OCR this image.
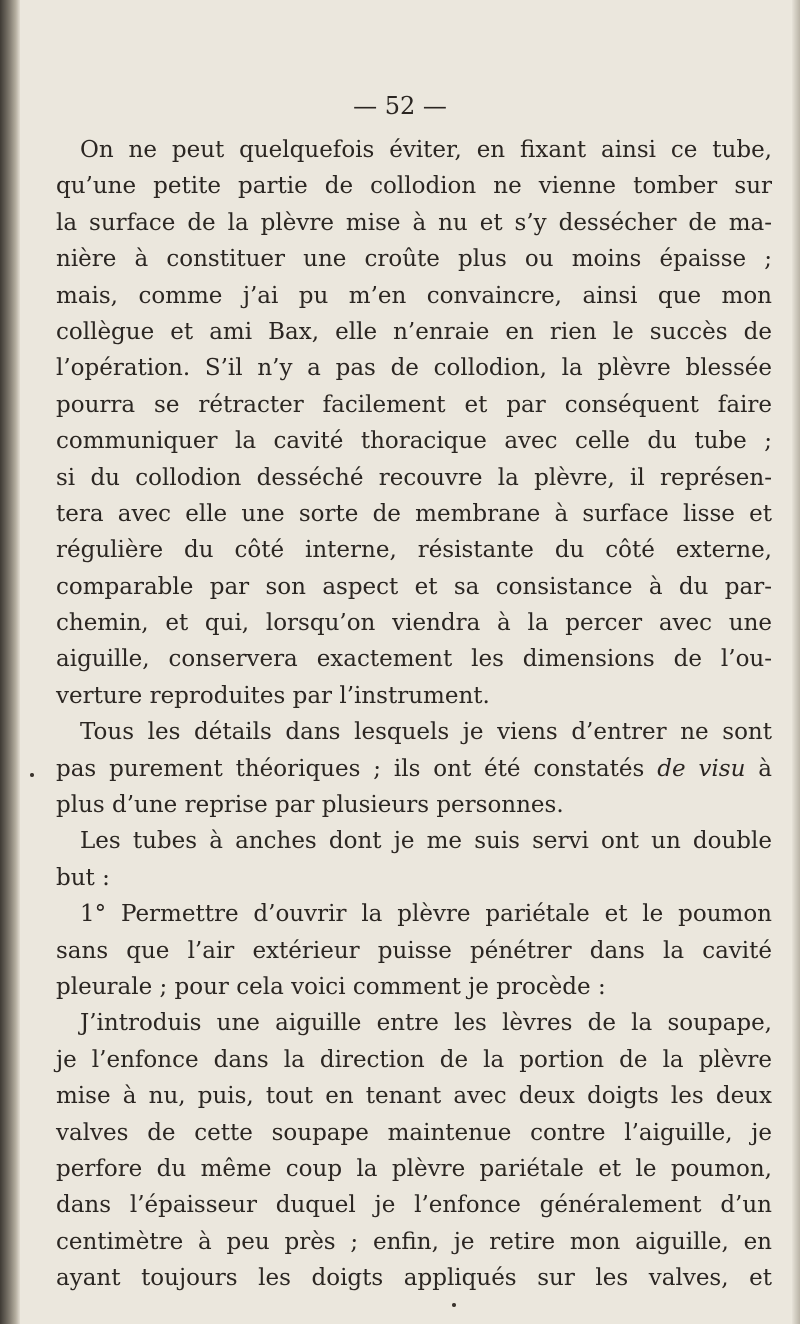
— 52 —
On ne peut quelquefois éviter, en fixant ainsi ce tube,
qu’une petite partie de collodion ne vienne tomber sur
la surface de la plèvre mise à nu et s’y dessécher de ma-
nière à constituer une croûte plus ou moins épaisse ;
mais, comme j’ai pu m’en convaincre, ainsi que mon
collègue et ami Bax, elle n’enraie en rien le succès de
l’opération. S’il n’y a pas de collodion, la plèvre blessée
pourra se rétracter facilement et par conséquent faire
communiquer la cavité thoracique avec celle du tube ;
si du collodion desséché recouvre la plèvre, il représen-
tera avec elle une sorte de membrane à surface lisse et
régulière du côté interne, résistante du côté externe,
comparable par son aspect et sa consistance à du par-
chemin, et qui, lorsqu’on viendra à la percer avec une
aiguille, conservera exactement les dimensions de l’ou-
verture reproduites par l’instrument.
Tous les détails dans lesquels je viens d’entrer ne sont
pas purement théoriques ; ils ont été constatés de visu à
plus d’une reprise par plusieurs personnes.
Les tubes à anches dont je me suis servi ont un double
but :
1° Permettre d’ouvrir la plèvre pariétale et le poumon
sans que l’air extérieur puisse pénétrer dans la cavité
pleurale ; pour cela voici comment je procède :
J’introduis une aiguille entre les lèvres de la soupape,
je l’enfonce dans la direction de la portion de la plèvre
mise à nu, puis, tout en tenant avec deux doigts les deux
valves de cette soupape maintenue contre l’aiguille, je
perfore du même coup la plèvre pariétale et le poumon,
dans l’épaisseur duquel je l’enfonce généralement d’un
centimètre à peu près ; enfin, je retire mon aiguille, en
ayant toujours les doigts appliqués sur les valves, et
